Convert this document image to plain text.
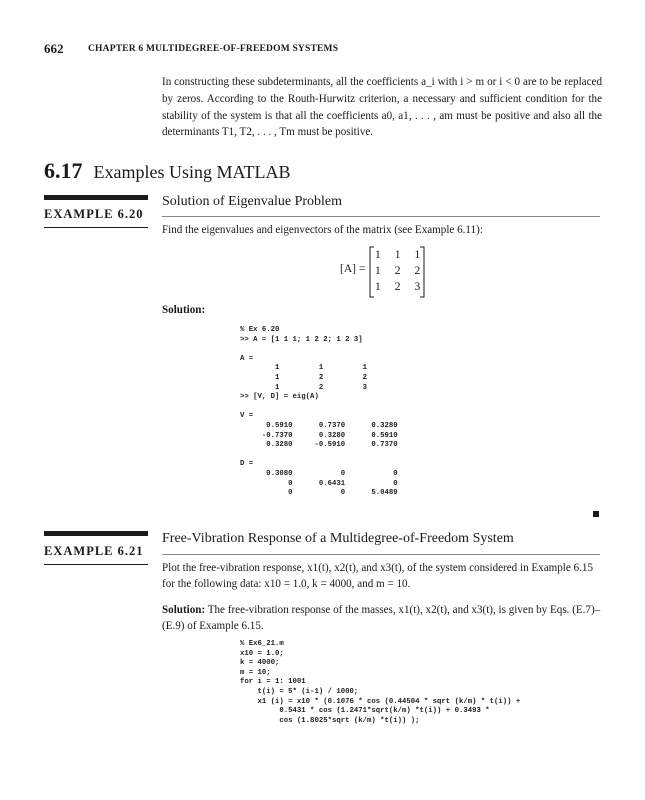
662	CHAPTER 6 MULTIDEGREE-OF-FREEDOM SYSTEMS

In constructing these subdeterminants, all the coefficients a_i with i > m or i < 0 are to be replaced by zeros. According to the Routh-Hurwitz criterion, a necessary and sufficient condition for the stability of the system is that all the coefficients a0, a1, . . . , am must be positive and also all the determinants T1, T2, . . . , Tm must be positive.

6.17 Examples Using MATLAB
EXAMPLE 6.20
Solution of Eigenvalue Problem

Find the eigenvalues and eigenvectors of the matrix (see Example 6.11):

[A] =
1	1	1
1	2	2
1	2	3
Solution:
% Ex 6.20
>> A = [1 1 1; 1 2 2; 1 2 3]

A =
1         1         1
1         2         2
1         2         3
>> [V, D] = eig(A)

V =
0.5910      0.7370      0.3280
-0.7370      0.3280      0.5910
0.3280     -0.5910      0.7370

D =
0.3080           0           0
0      0.6431           0
0           0      5.0489
EXAMPLE 6.21
Free-Vibration Response of a Multidegree-of-Freedom System

Plot the free-vibration response, x1(t), x2(t), and x3(t), of the system considered in Example 6.15 for the following data: x10 = 1.0, k = 4000, and m = 10.

Solution: The free-vibration response of the masses, x1(t), x2(t), and x3(t), is given by Eqs. (E.7)–(E.9) of Example 6.15.

% Ex6_21.m
x10 = 1.0;
k = 4000;
m = 10;
for i = 1: 1001
t(i) = 5* (i-1) / 1000;
x1 (i) = x10 * (0.1076 * cos (0.44504 * sqrt (k/m) * t(i)) +
0.5431 * cos (1.2471*sqrt(k/m) *t(i)) + 0.3493 *
cos (1.8025*sqrt (k/m) *t(i)) );
